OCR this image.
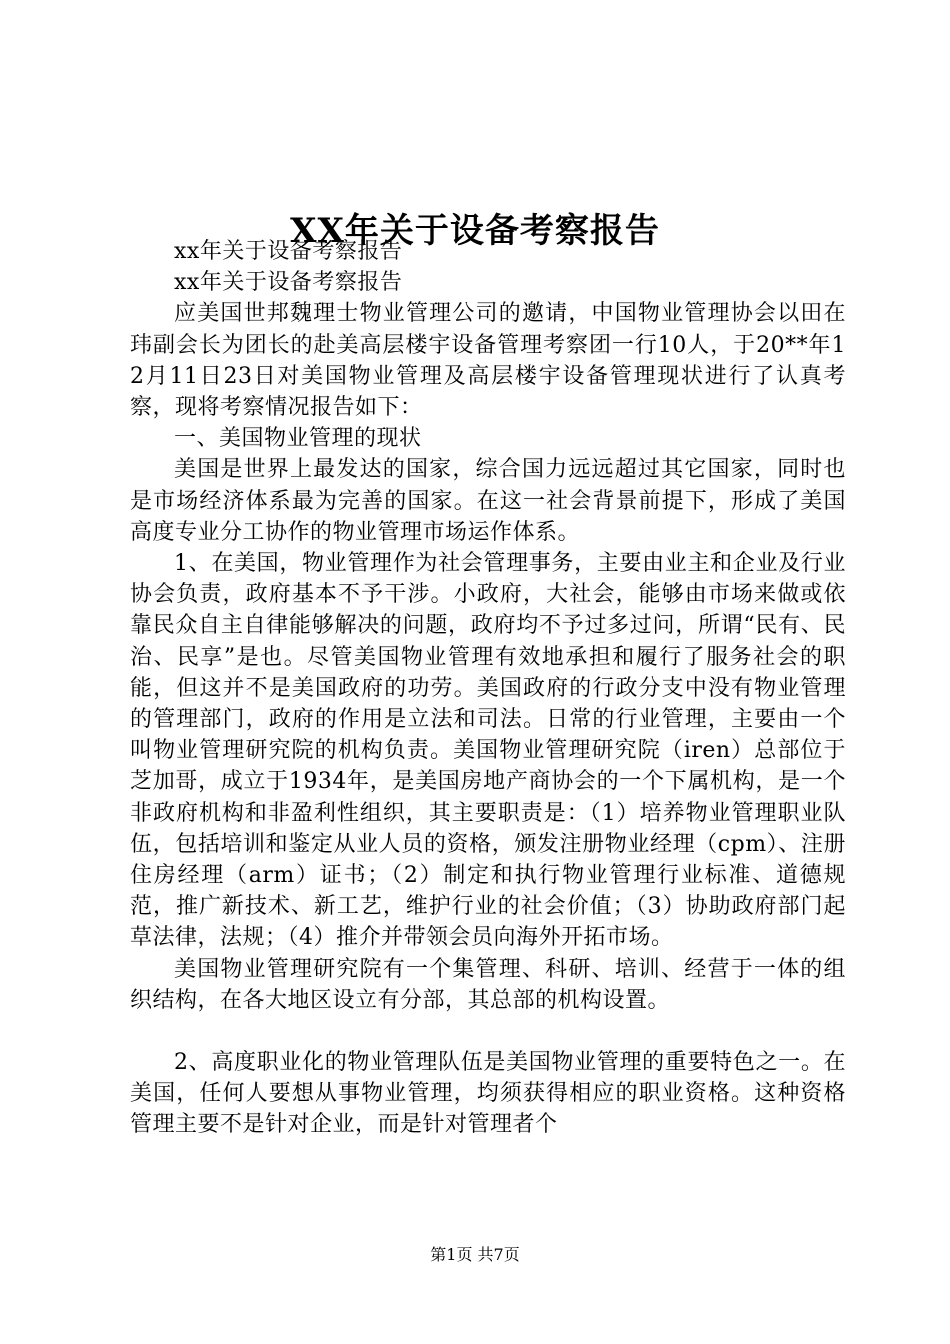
XX年关于设备考察报告

xx年关于设备考察报告

xx年关于设备考察报告

应美国世邦魏理士物业管理公司的邀请，中国物业管理协会以田在玮副会长为团长的赴美高层楼宇设备管理考察团一行10人，于20**年12月11日23日对美国物业管理及高层楼宇设备管理现状进行了认真考察，现将考察情况报告如下：

一、美国物业管理的现状

美国是世界上最发达的国家，综合国力远远超过其它国家，同时也是市场经济体系最为完善的国家。在这一社会背景前提下，形成了美国高度专业分工协作的物业管理市场运作体系。

1、在美国，物业管理作为社会管理事务，主要由业主和企业及行业协会负责，政府基本不予干涉。小政府，大社会，能够由市场来做或依靠民众自主自律能够解决的问题，政府均不予过多过问，所谓“民有、民治、民享”是也。尽管美国物业管理有效地承担和履行了服务社会的职能，但这并不是美国政府的功劳。美国政府的行政分支中没有物业管理的管理部门，政府的作用是立法和司法。日常的行业管理，主要由一个叫物业管理研究院的机构负责。美国物业管理研究院（iren）总部位于芝加哥，成立于1934年，是美国房地产商协会的一个下属机构，是一个非政府机构和非盈利性组织，其主要职责是：（1）培养物业管理职业队伍，包括培训和鉴定从业人员的资格，颁发注册物业经理（cpm）、注册住房经理（arm）证书；（2）制定和执行物业管理行业标准、道德规范，推广新技术、新工艺，维护行业的社会价值；（3）协助政府部门起草法律，法规；（4）推介并带领会员向海外开拓市场。

美国物业管理研究院有一个集管理、科研、培训、经营于一体的组织结构，在各大地区设立有分部，其总部的机构设置。

2、高度职业化的物业管理队伍是美国物业管理的重要特色之一。在美国，任何人要想从事物业管理，均须获得相应的职业资格。这种资格管理主要不是针对企业，而是针对管理者个

第1页 共7页
